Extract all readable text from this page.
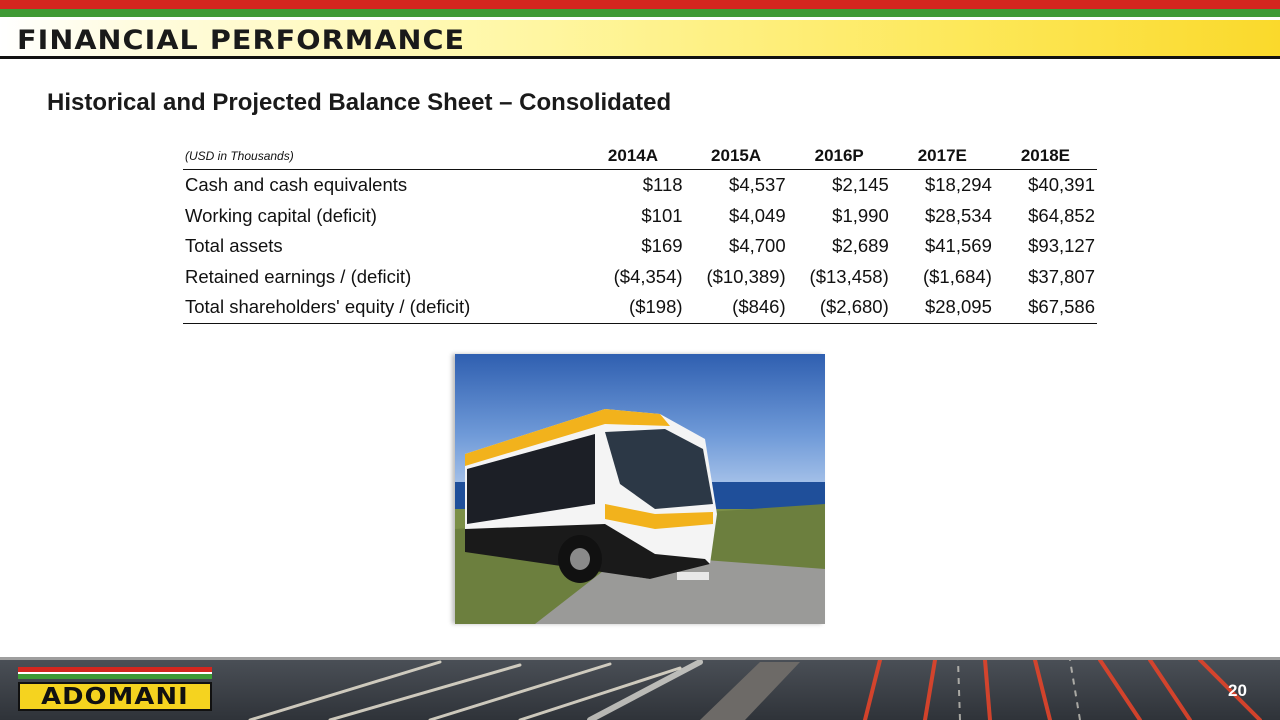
FINANCIAL PERFORMANCE
Historical and Projected Balance Sheet – Consolidated
(USD in Thousands)	2014A	2015A	2016P	2017E	2018E
Cash and cash equivalents	$118	$4,537	$2,145	$18,294	$40,391
Working capital (deficit)	$101	$4,049	$1,990	$28,534	$64,852
Total assets	$169	$4,700	$2,689	$41,569	$93,127
Retained earnings / (deficit)	($4,354)	($10,389)	($13,458)	($1,684)	$37,807
Total shareholders' equity / (deficit)	($198)	($846)	($2,680)	$28,095	$67,586
ADOMANI	20
